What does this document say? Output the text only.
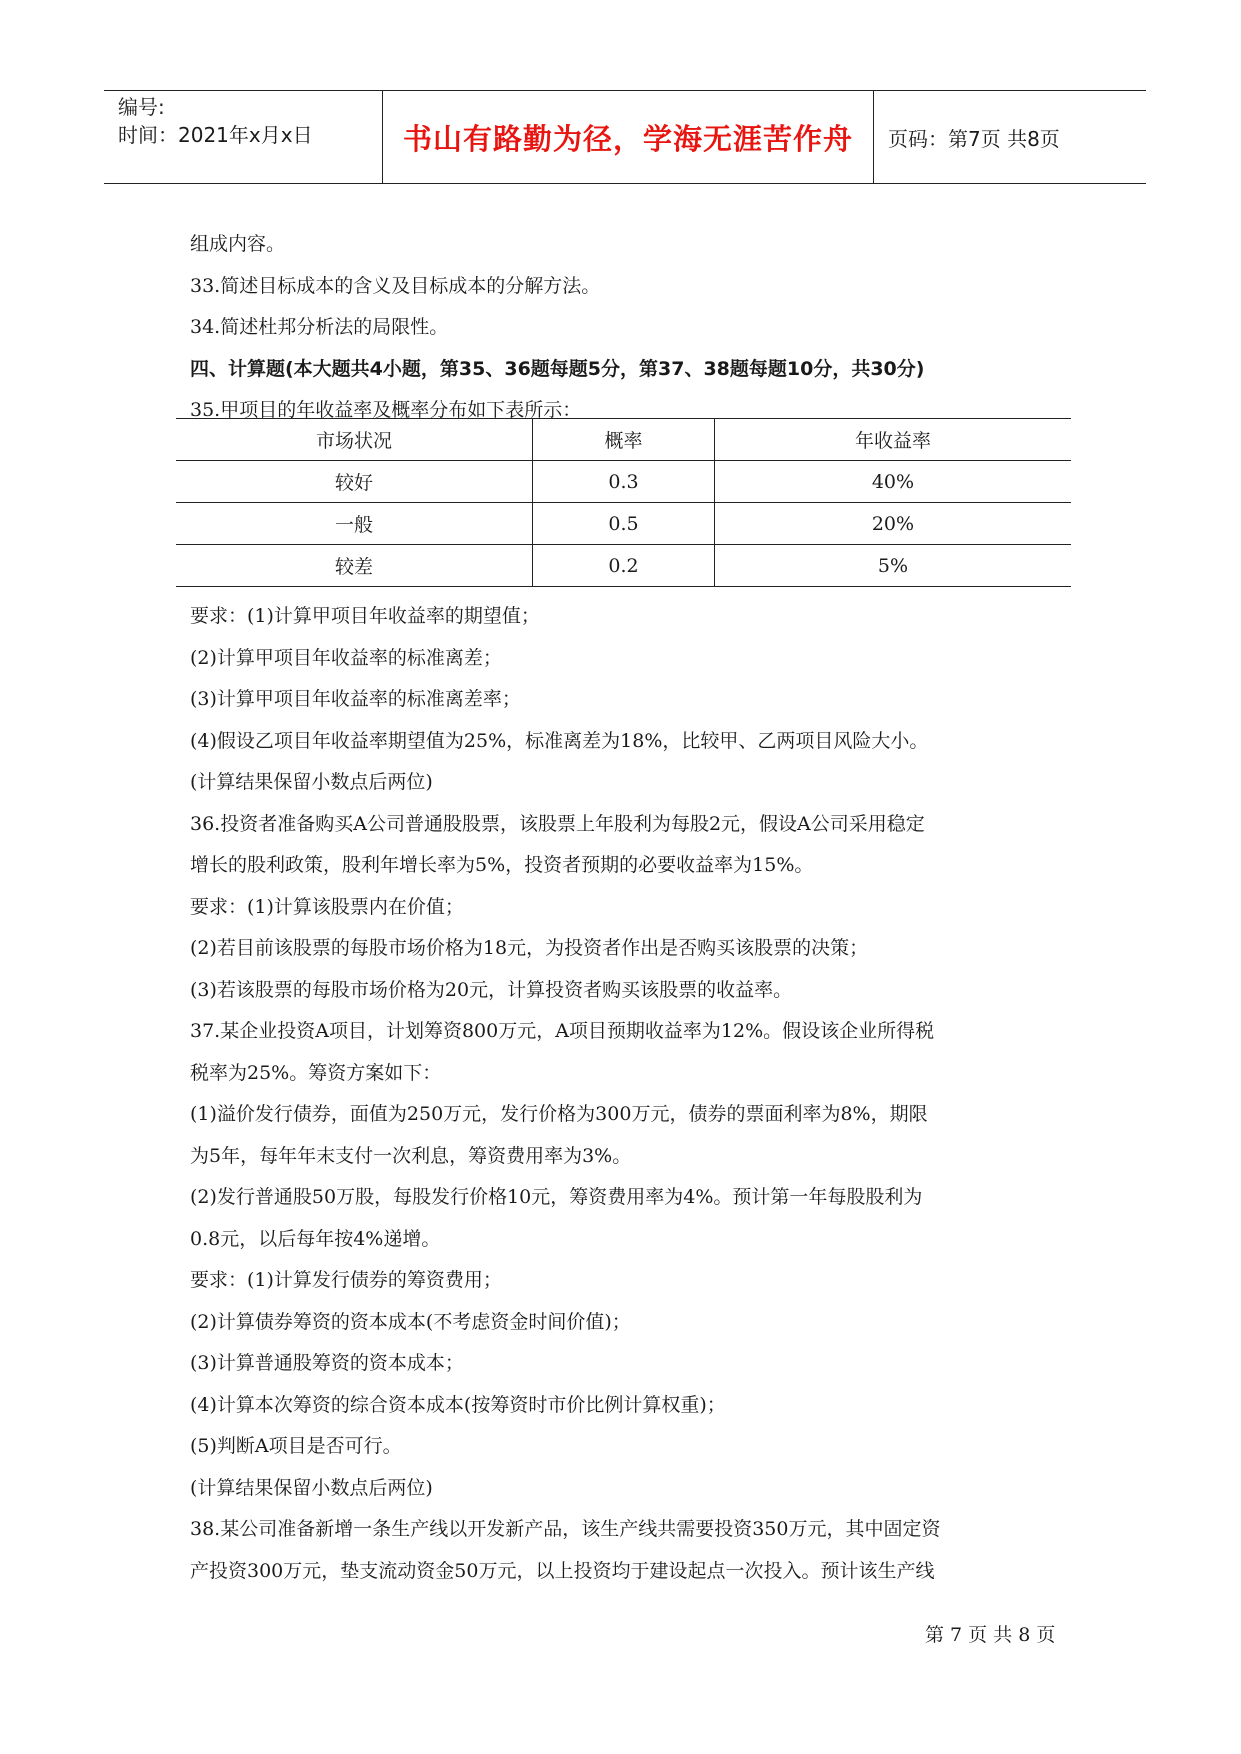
编号:
时间：2021年x月x日	书山有路勤为径，学海无涯苦作舟	页码：第7页 共8页
组成内容。
33.简述目标成本的含义及目标成本的分解方法。
34.简述杜邦分析法的局限性。
四、计算题(本大题共4小题，第35、36题每题5分，第37、38题每题10分，共30分)
35.甲项目的年收益率及概率分布如下表所示：
市场状况	概率	年收益率
较好	0.3	40%
一般	0.5	20%
较差	0.2	5%
要求：(1)计算甲项目年收益率的期望值；
(2)计算甲项目年收益率的标准离差；
(3)计算甲项目年收益率的标准离差率；
(4)假设乙项目年收益率期望值为25%，标准离差为18%，比较甲、乙两项目风险大小。
(计算结果保留小数点后两位)
36.投资者准备购买A公司普通股股票，该股票上年股利为每股2元，假设A公司采用稳定
增长的股利政策，股利年增长率为5%，投资者预期的必要收益率为15%。
要求：(1)计算该股票内在价值；
(2)若目前该股票的每股市场价格为18元，为投资者作出是否购买该股票的决策；
(3)若该股票的每股市场价格为20元，计算投资者购买该股票的收益率。
37.某企业投资A项目，计划筹资800万元，A项目预期收益率为12%。假设该企业所得税
税率为25%。筹资方案如下：
(1)溢价发行债券，面值为250万元，发行价格为300万元，债券的票面利率为8%，期限
为5年，每年年末支付一次利息，筹资费用率为3%。
(2)发行普通股50万股，每股发行价格10元，筹资费用率为4%。预计第一年每股股利为
0.8元，以后每年按4%递增。
要求：(1)计算发行债券的筹资费用；
(2)计算债券筹资的资本成本(不考虑资金时间价值)；
(3)计算普通股筹资的资本成本；
(4)计算本次筹资的综合资本成本(按筹资时市价比例计算权重)；
(5)判断A项目是否可行。
(计算结果保留小数点后两位)
38.某公司准备新增一条生产线以开发新产品，该生产线共需要投资350万元，其中固定资
产投资300万元，垫支流动资金50万元，以上投资均于建设起点一次投入。预计该生产线
第 7 页 共 8 页
